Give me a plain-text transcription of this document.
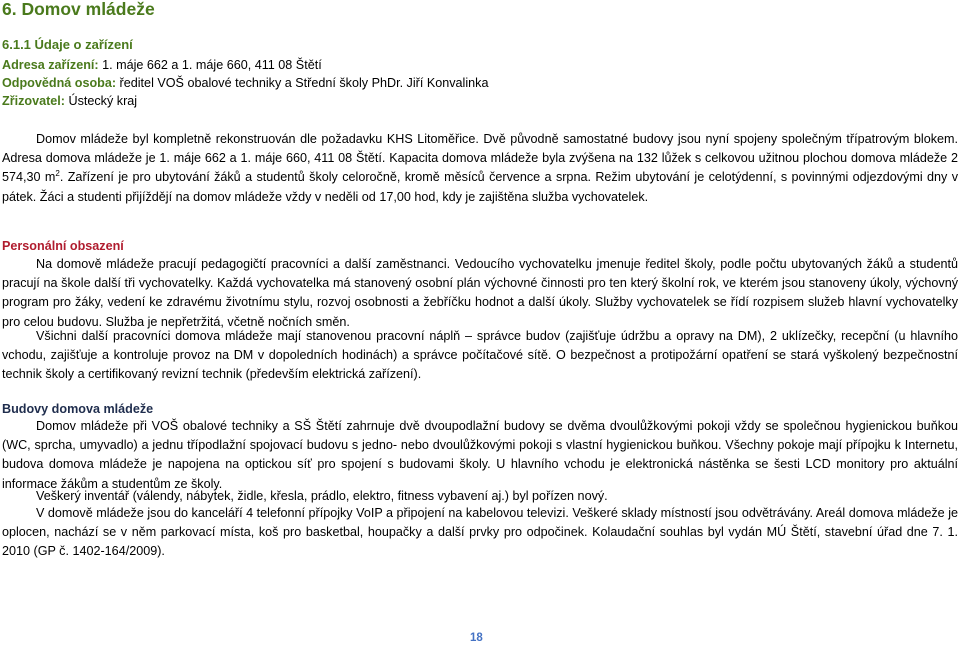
6. Domov mládeže
6.1.1 Údaje o zařízení

Adresa zařízení: 1. máje 662 a 1. máje 660, 411 08 Štětí

Odpovědná osoba: ředitel VOŠ obalové techniky a Střední školy PhDr. Jiří Konvalinka

Zřizovatel: Ústecký kraj

Domov mládeže byl kompletně rekonstruován dle požadavku KHS Litoměřice. Dvě původně samostatné budovy jsou nyní spojeny společným třípatrovým blokem. Adresa domova mládeže je 1. máje 662 a 1. máje 660, 411 08 Štětí. Kapacita domova mládeže byla zvýšena na 132 lůžek s celkovou užitnou plochou domova mládeže 2 574,30 $m^2$. Zařízení je pro ubytování žáků a studentů školy celoročně, kromě měsíců července a srpna. Režim ubytování je celotýdenní, s povinnými odjezdovými dny v pátek. Žáci a studenti přijíždějí na domov mládeže vždy v neděli od 17,00 hod, kdy je zajištěna služba vychovatelek.

Personální obsazení

Na domově mládeže pracují pedagogičtí pracovníci a další zaměstnanci. Vedoucího vychovatelku jmenuje ředitel školy, podle počtu ubytovaných žáků a studentů pracují na škole další tři vychovatelky. Každá vychovatelka má stanovený osobní plán výchovné činnosti pro ten který školní rok, ve kterém jsou stanoveny úkoly, výchovný program pro žáky, vedení ke zdravému životnímu stylu, rozvoj osobnosti a žebříčku hodnot a další úkoly. Služby vychovatelek se řídí rozpisem služeb hlavní vychovatelky pro celou budovu. Služba je nepřetržitá, včetně nočních směn.

Všichni další pracovníci domova mládeže mají stanovenou pracovní náplň – správce budov (zajišťuje údržbu a opravy na DM), 2 uklízečky, recepční (u hlavního vchodu, zajišťuje a kontroluje provoz na DM v dopoledních hodinách) a správce počítačové sítě. O bezpečnost a protipožární opatření se stará vyškolený bezpečnostní technik školy a certifikovaný revizní technik (především elektrická zařízení).

Budovy domova mládeže

Domov mládeže při VOŠ obalové techniky a SŠ Štětí zahrnuje dvě dvoupodlažní budovy se dvěma dvoulůžkovými pokoji vždy se společnou hygienickou buňkou (WC, sprcha, umyvadlo) a jednu třípodlažní spojovací budovu s jedno- nebo dvoulůžkovými pokoji s vlastní hygienickou buňkou. Všechny pokoje mají přípojku k Internetu, budova domova mládeže je napojena na optickou síť pro spojení s budovami školy. U hlavního vchodu je elektronická nástěnka se šesti LCD monitory pro aktuální informace žákům a studentům ze školy.

Veškerý inventář (válendy, nábytek, židle, křesla, prádlo, elektro, fitness vybavení aj.) byl pořízen nový.

V domově mládeže jsou do kanceláří 4 telefonní přípojky VoIP a připojení na kabelovou televizi. Veškeré sklady místností jsou odvětrávány. Areál domova mládeže je oplocen, nachází se v něm parkovací místa, koš pro basketbal, houpačky a další prvky pro odpočinek. Kolaudační souhlas byl vydán MÚ Štětí, stavební úřad dne 7. 1. 2010 (GP č. 1402-164/2009).

18
